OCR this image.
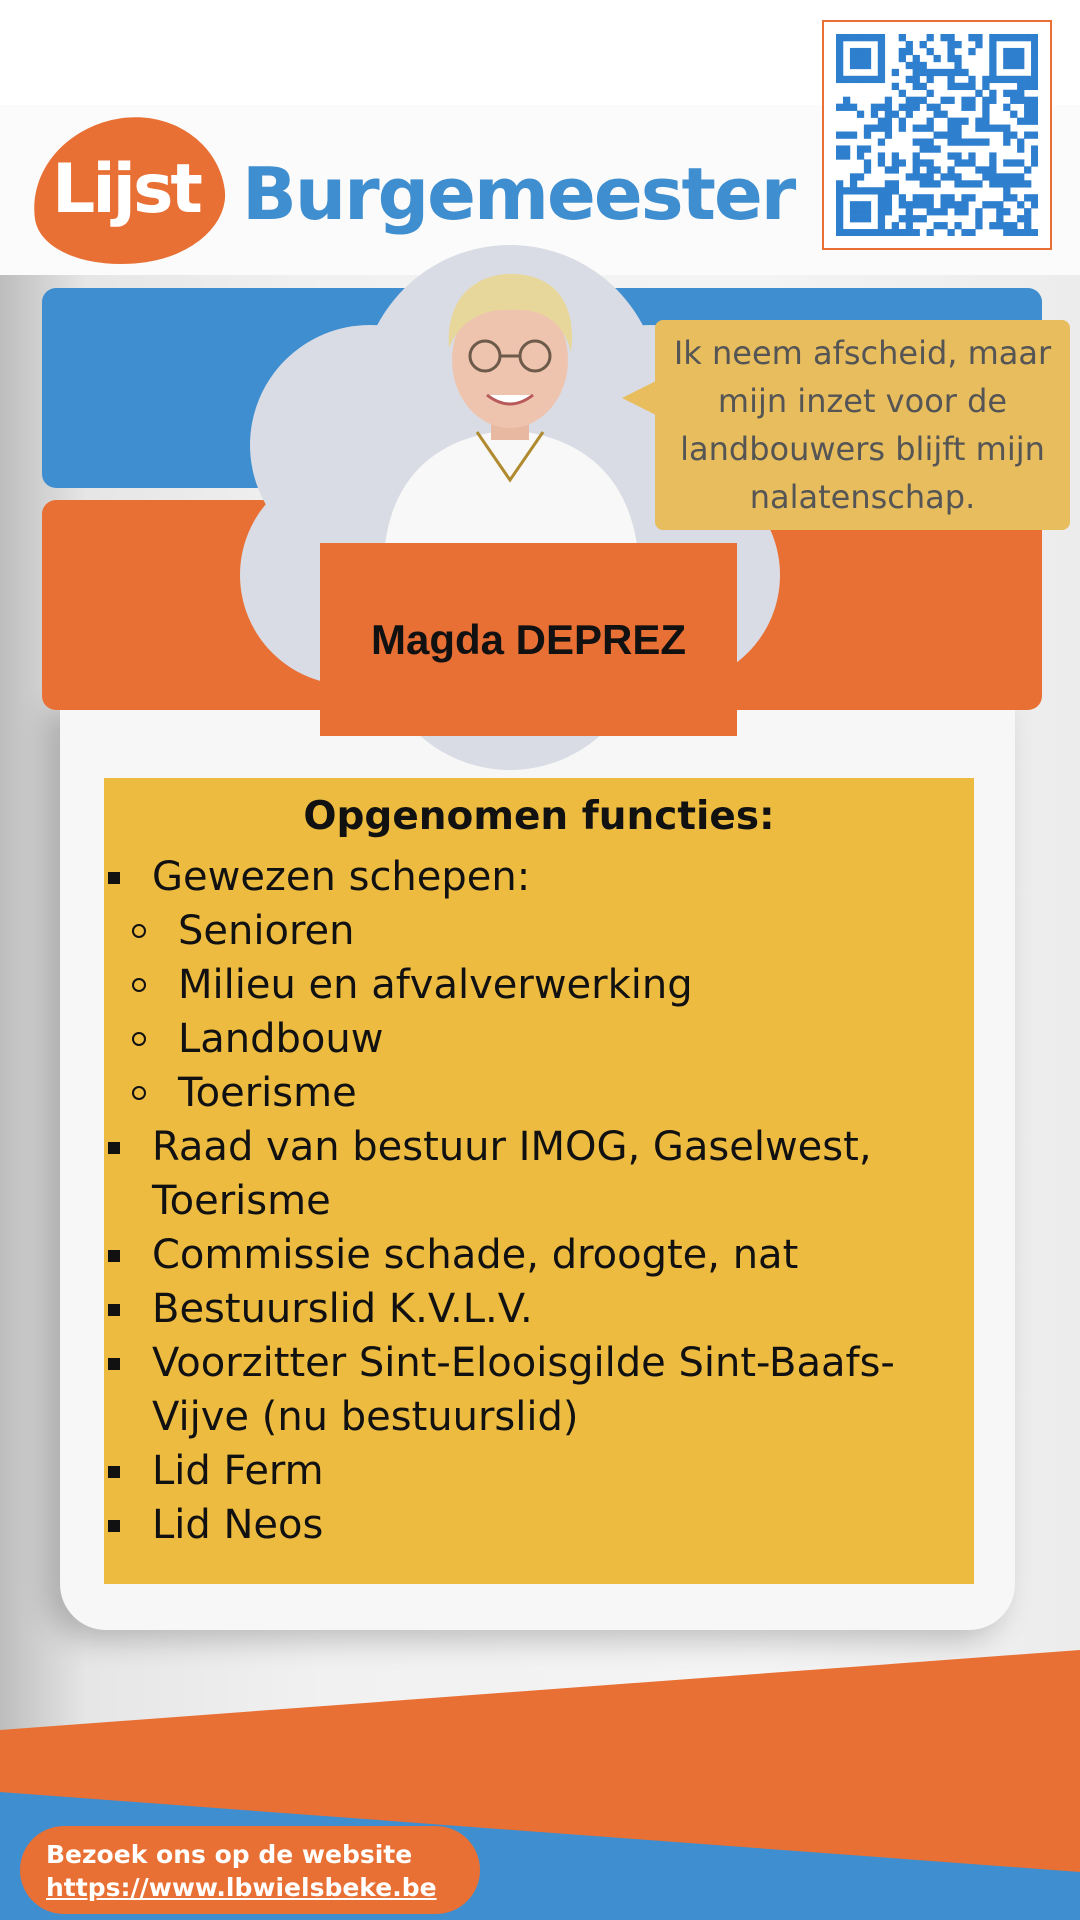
Lijst Burgemeester
Magda DEPREZ
Ik neem afscheid, maar mijn inzet voor de landbouwers blijft mijn nalatenschap.
Opgenomen functies:
Gewezen schepen:
Senioren
Milieu en afvalverwerking
Landbouw
Toerisme
Raad van bestuur IMOG, Gaselwest, Toerisme
Commissie schade, droogte, nat
Bestuurslid K.V.L.V.
Voorzitter Sint-Elooisgilde Sint-Baafs-Vijve (nu bestuurslid)
Lid Ferm
Lid Neos
Bezoek ons op de website
https://www.lbwielsbeke.be
